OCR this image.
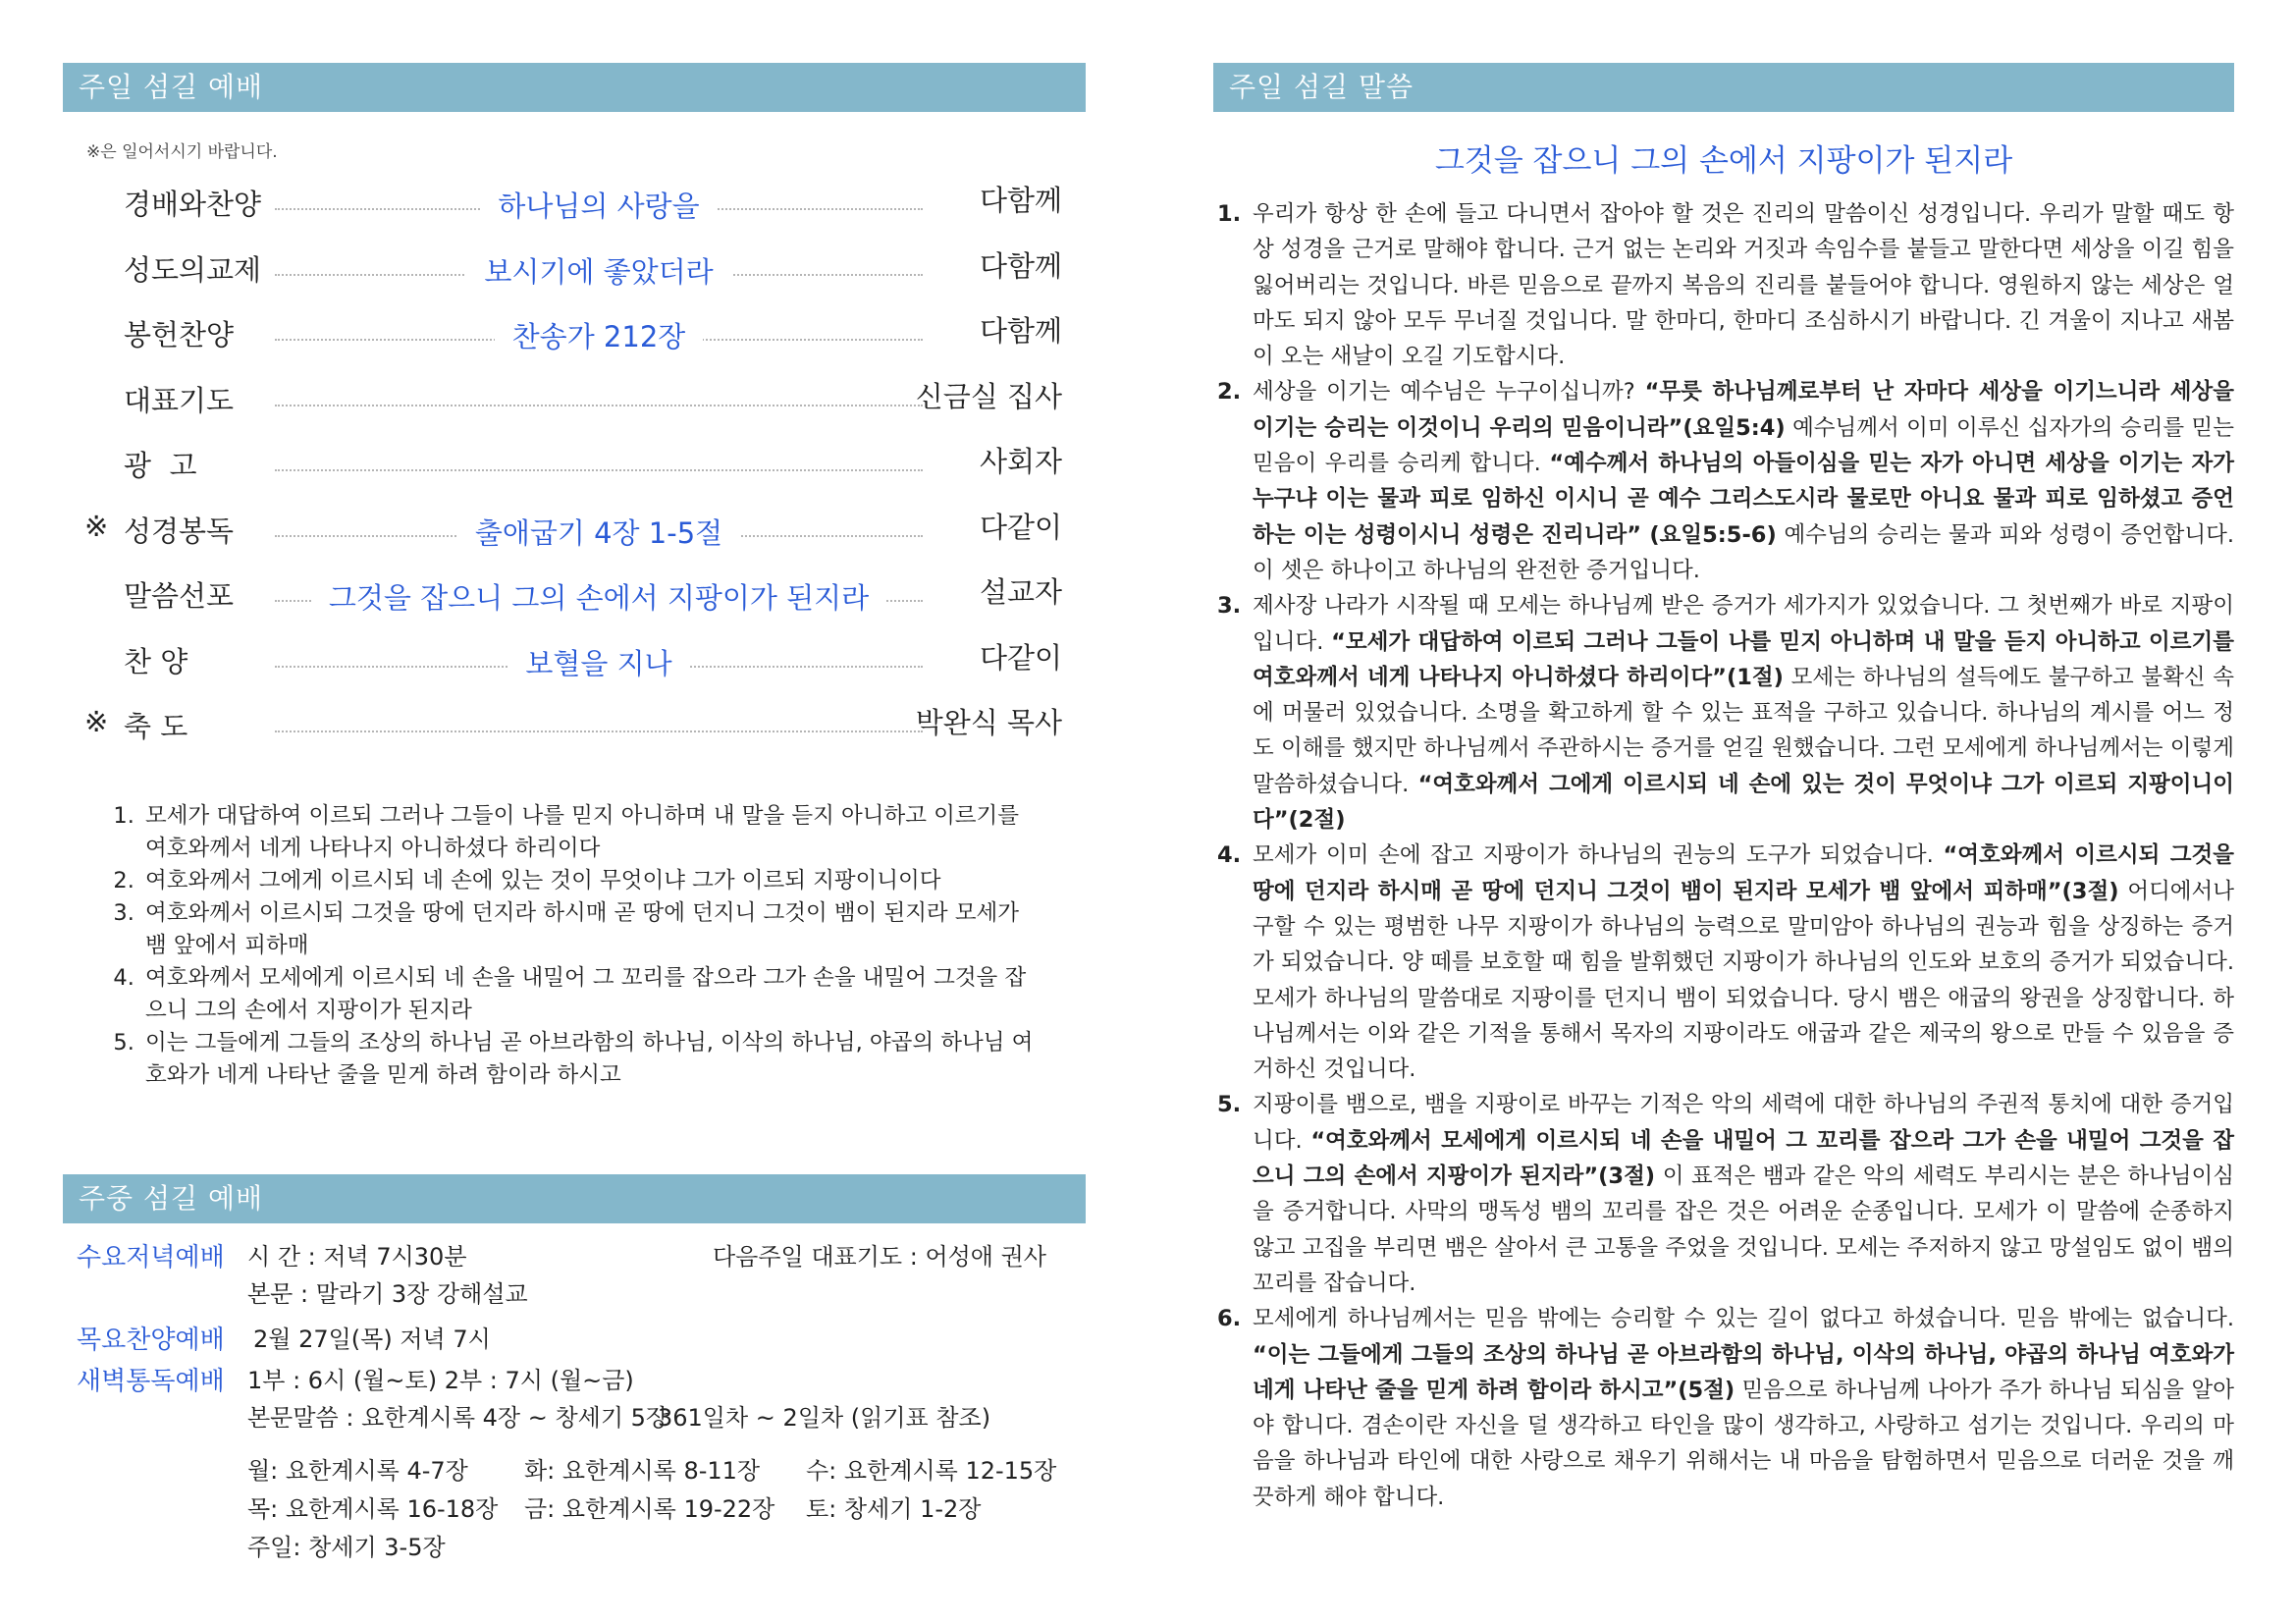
주일 섬길 예배
※은 일어서시기 바랍니다.
경배와찬양	하나님의 사랑을	다함께
성도의교제	보시기에 좋았더라	다함께
봉헌찬양	찬송가 212장	다함께
대표기도	신금실 집사
광  고	사회자
※ 성경봉독	출애굽기 4장 1-5절	다같이
말씀선포	그것을 잡으니 그의 손에서 지팡이가 된지라	설교자
찬 양	보혈을 지나	다같이
※ 축 도	박완식 목사
1. 모세가 대답하여 이르되 그러나 그들이 나를 믿지 아니하며 내 말을 듣지 아니하고 이르기를 여호와께서 네게 나타나지 아니하셨다 하리이다
2. 여호와께서 그에게 이르시되 네 손에 있는 것이 무엇이냐 그가 이르되 지팡이니이다
3. 여호와께서 이르시되 그것을 땅에 던지라 하시매 곧 땅에 던지니 그것이 뱀이 된지라 모세가 뱀 앞에서 피하매
4. 여호와께서 모세에게 이르시되 네 손을 내밀어 그 꼬리를 잡으라 그가 손을 내밀어 그것을 잡으니 그의 손에서 지팡이가 된지라
5. 이는 그들에게 그들의 조상의 하나님 곧 아브라함의 하나님, 이삭의 하나님, 야곱의 하나님 여호와가 네게 나타난 줄을 믿게 하려 함이라 하시고
주중 섬길 예배
수요저녁예배 시 간 : 저녁 7시30분	다음주일 대표기도 : 어성애 권사
본문 : 말라기 3장 강해설교
목요찬양예배 2월 27일(목) 저녁 7시
새벽통독예배 1부 : 6시 (월~토) 2부 : 7시 (월~금)
본문말씀 : 요한계시록 4장 ~ 창세기 5장
361일차 ~ 2일차 (읽기표 참조)
월: 요한계시록 4-7장 화: 요한계시록 8-11장 수: 요한계시록 12-15장
목: 요한계시록 16-18장 금: 요한계시록 19-22장 토: 창세기 1-2장
주일: 창세기 3-5장
주일 섬길 말씀
그것을 잡으니 그의 손에서 지팡이가 된지라
1. 우리가 항상 한 손에 들고 다니면서 잡아야 할 것은 진리의 말씀이신 성경입니다. 우리가 말할 때도 항상 성경을 근거로 말해야 합니다. 근거 없는 논리와 거짓과 속임수를 붙들고 말한다면 세상을 이길 힘을 잃어버리는 것입니다. 바른 믿음으로 끝까지 복음의 진리를 붙들어야 합니다. 영원하지 않는 세상은 얼마도 되지 않아 모두 무너질 것입니다. 말 한마디, 한마디 조심하시기 바랍니다. 긴 겨울이 지나고 새봄이 오는 새날이 오길 기도합시다.
2. 세상을 이기는 예수님은 누구이십니까? “무릇 하나님께로부터 난 자마다 세상을 이기느니라 세상을 이기는 승리는 이것이니 우리의 믿음이니라”(요일5:4) 예수님께서 이미 이루신 십자가의 승리를 믿는 믿음이 우리를 승리케 합니다. “예수께서 하나님의 아들이심을 믿는 자가 아니면 세상을 이기는 자가 누구냐 이는 물과 피로 임하신 이시니 곧 예수 그리스도시라 물로만 아니요 물과 피로 임하셨고 증언하는 이는 성령이시니 성령은 진리니라” (요일5:5-6) 예수님의 승리는 물과 피와 성령이 증언합니다. 이 셋은 하나이고 하나님의 완전한 증거입니다.
3. 제사장 나라가 시작될 때 모세는 하나님께 받은 증거가 세가지가 있었습니다. 그 첫번째가 바로 지팡이입니다. “모세가 대답하여 이르되 그러나 그들이 나를 믿지 아니하며 내 말을 듣지 아니하고 이르기를 여호와께서 네게 나타나지 아니하셨다 하리이다”(1절) 모세는 하나님의 설득에도 불구하고 불확신 속에 머물러 있었습니다. 소명을 확고하게 할 수 있는 표적을 구하고 있습니다. 하나님의 계시를 어느 정도 이해를 했지만 하나님께서 주관하시는 증거를 얻길 원했습니다. 그런 모세에게 하나님께서는 이렇게 말씀하셨습니다. “여호와께서 그에게 이르시되 네 손에 있는 것이 무엇이냐 그가 이르되 지팡이니이다”(2절)
4. 모세가 이미 손에 잡고 지팡이가 하나님의 권능의 도구가 되었습니다. “여호와께서 이르시되 그것을 땅에 던지라 하시매 곧 땅에 던지니 그것이 뱀이 된지라 모세가 뱀 앞에서 피하매”(3절) 어디에서나 구할 수 있는 평범한 나무 지팡이가 하나님의 능력으로 말미암아 하나님의 권능과 힘을 상징하는 증거가 되었습니다. 양 떼를 보호할 때 힘을 발휘했던 지팡이가 하나님의 인도와 보호의 증거가 되었습니다. 모세가 하나님의 말씀대로 지팡이를 던지니 뱀이 되었습니다. 당시 뱀은 애굽의 왕권을 상징합니다. 하나님께서는 이와 같은 기적을 통해서 목자의 지팡이라도 애굽과 같은 제국의 왕으로 만들 수 있음을 증거하신 것입니다.
5. 지팡이를 뱀으로, 뱀을 지팡이로 바꾸는 기적은 악의 세력에 대한 하나님의 주권적 통치에 대한 증거입니다. “여호와께서 모세에게 이르시되 네 손을 내밀어 그 꼬리를 잡으라 그가 손을 내밀어 그것을 잡으니 그의 손에서 지팡이가 된지라”(3절) 이 표적은 뱀과 같은 악의 세력도 부리시는 분은 하나님이심을 증거합니다. 사막의 맹독성 뱀의 꼬리를 잡은 것은 어려운 순종입니다. 모세가 이 말씀에 순종하지 않고 고집을 부리면 뱀은 살아서 큰 고통을 주었을 것입니다. 모세는 주저하지 않고 망설임도 없이 뱀의 꼬리를 잡습니다.
6. 모세에게 하나님께서는 믿음 밖에는 승리할 수 있는 길이 없다고 하셨습니다. 믿음 밖에는 없습니다. “이는 그들에게 그들의 조상의 하나님 곧 아브라함의 하나님, 이삭의 하나님, 야곱의 하나님 여호와가 네게 나타난 줄을 믿게 하려 함이라 하시고”(5절) 믿음으로 하나님께 나아가 주가 하나님 되심을 알아야 합니다. 겸손이란 자신을 덜 생각하고 타인을 많이 생각하고, 사랑하고 섬기는 것입니다. 우리의 마음을 하나님과 타인에 대한 사랑으로 채우기 위해서는 내 마음을 탐험하면서 믿음으로 더러운 것을 깨끗하게 해야 합니다.
